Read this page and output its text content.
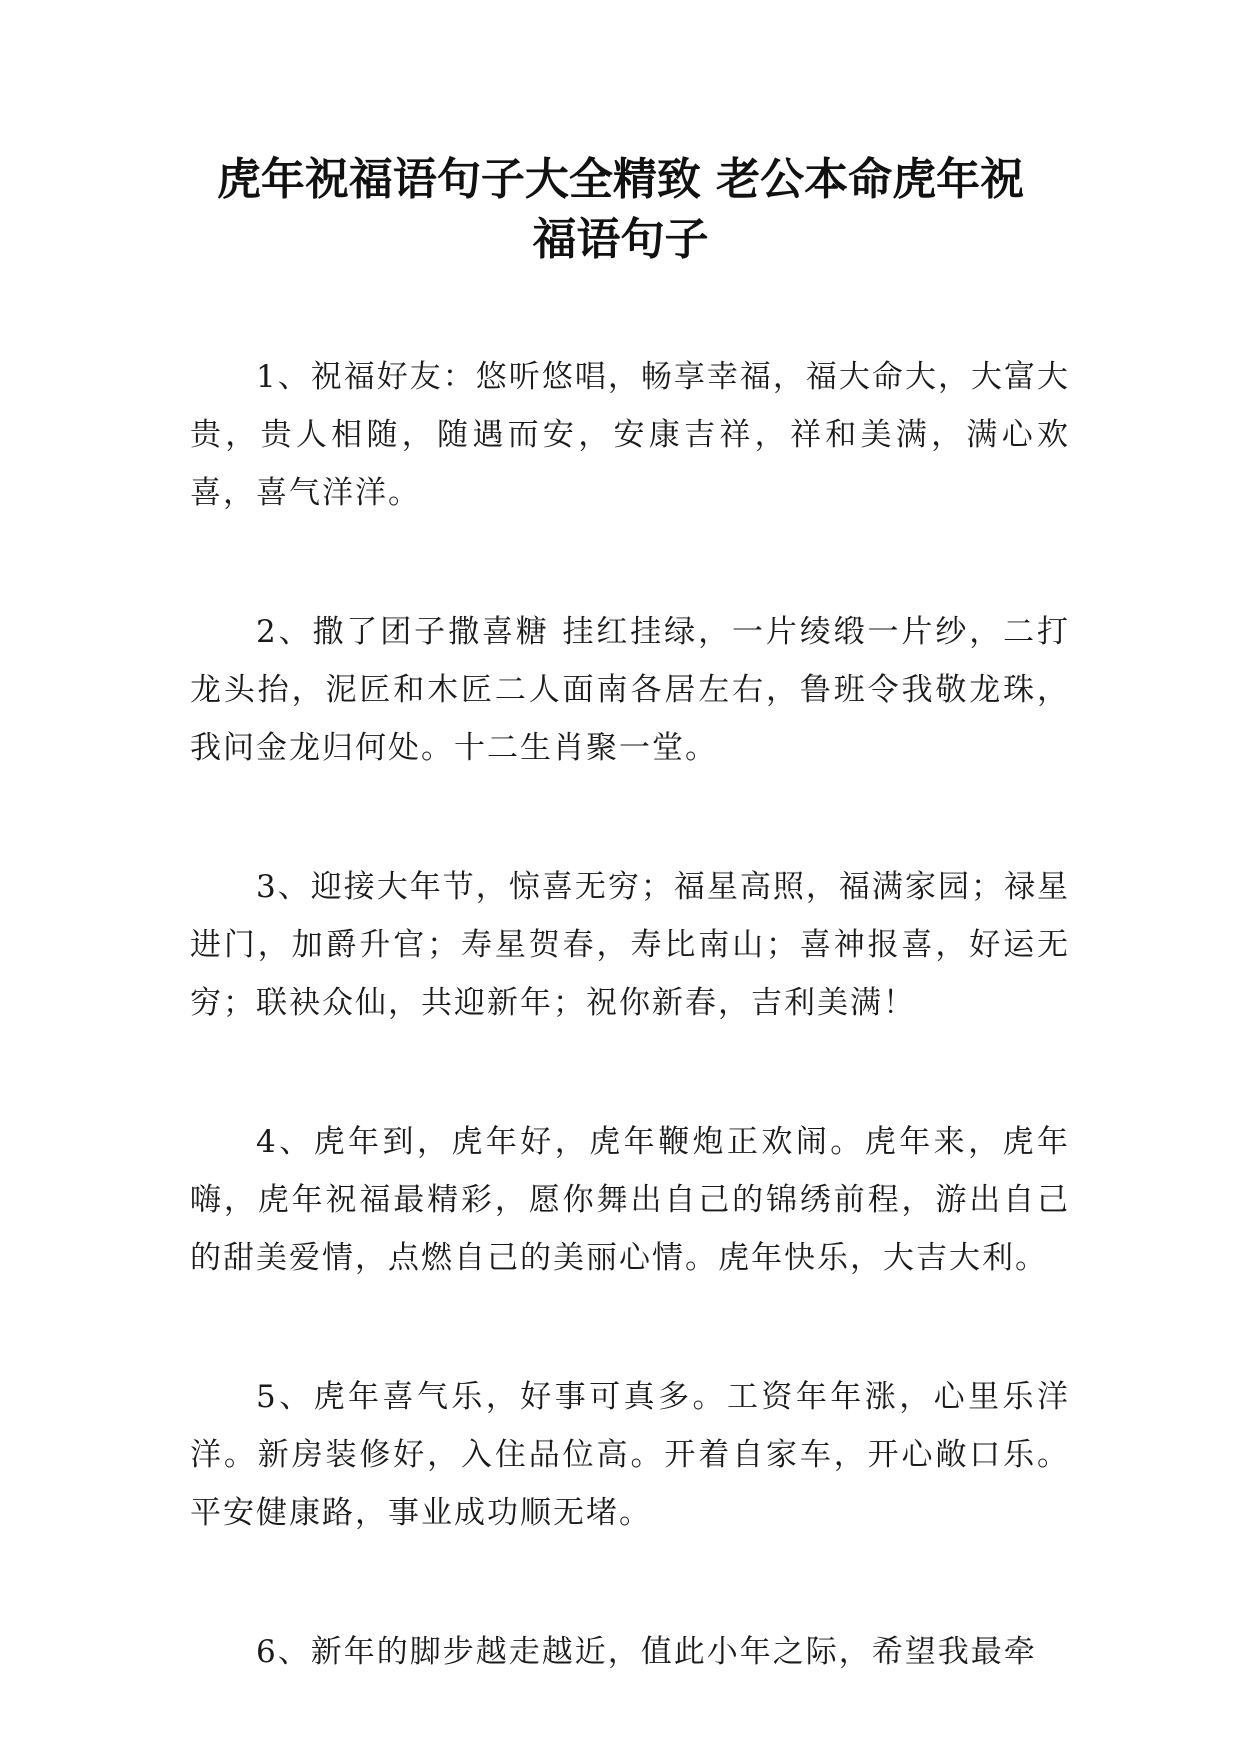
虎年祝福语句子大全精致 老公本命虎年祝
福语句子

1、祝福好友：悠听悠唱，畅享幸福，福大命大，大富大贵，贵人相随，随遇而安，安康吉祥，祥和美满，满心欢喜，喜气洋洋。

2、撒了团子撒喜糖 挂红挂绿，一片绫缎一片纱，二打龙头抬，泥匠和木匠二人面南各居左右，鲁班令我敬龙珠，我问金龙归何处。十二生肖聚一堂。

3、迎接大年节，惊喜无穷；福星高照，福满家园；禄星进门，加爵升官；寿星贺春，寿比南山；喜神报喜，好运无穷；联袂众仙，共迎新年；祝你新春，吉利美满！

4、虎年到，虎年好，虎年鞭炮正欢闹。虎年来，虎年嗨，虎年祝福最精彩，愿你舞出自己的锦绣前程，游出自己的甜美爱情，点燃自己的美丽心情。虎年快乐，大吉大利。

5、虎年喜气乐，好事可真多。工资年年涨，心里乐洋洋。新房装修好，入住品位高。开着自家车，开心敞口乐。平安健康路，事业成功顺无堵。

6、新年的脚步越走越近，值此小年之际，希望我最牵
